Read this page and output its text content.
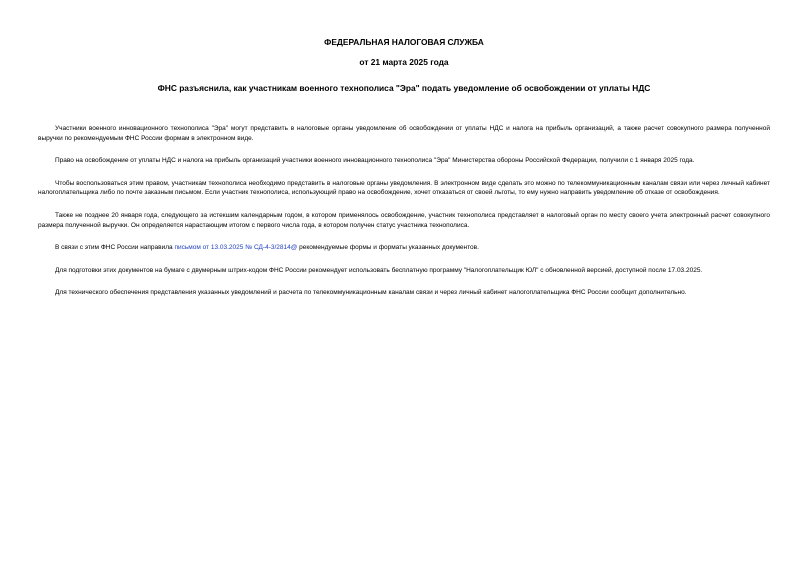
ФЕДЕРАЛЬНАЯ НАЛОГОВАЯ СЛУЖБА

от 21 марта 2025 года

ФНС разъяснила, как участникам военного технополиса "Эра" подать уведомление об освобождении от уплаты НДС

Участники военного инновационного технополиса "Эра" могут представить в налоговые органы уведомление об освобождении от уплаты НДС и налога на прибыль организаций, а также расчет совокупного размера полученной выручки по рекомендуемым ФНС России формам в электронном виде.

Право на освобождение от уплаты НДС и налога на прибыль организаций участники военного инновационного технополиса "Эра" Министерства обороны Российской Федерации, получили с 1 января 2025 года.

Чтобы воспользоваться этим правом, участникам технополиса необходимо представить в налоговые органы уведомления. В электронном виде сделать это можно по телекоммуникационным каналам связи или через личный кабинет налогоплательщика либо по почте заказным письмом. Если участник технополиса, использующий право на освобождение, хочет отказаться от своей льготы, то ему нужно направить уведомление об отказе от освобождения.

Также не позднее 20 января года, следующего за истекшим календарным годом, в котором применялось освобождение, участник технополиса представляет в налоговый орган по месту своего учета электронный расчет совокупного размера полученной выручки. Он определяется нарастающим итогом с первого числа года, в котором получен статус участника технополиса.

В связи с этим ФНС России направила письмом от 13.03.2025 № СД-4-3/2814@ рекомендуемые формы и форматы указанных документов.

Для подготовки этих документов на бумаге с двумерным штрих-кодом ФНС России рекомендует использовать бесплатную программу "Налогоплательщик ЮЛ" с обновленной версией, доступной после 17.03.2025.

Для технического обеспечения представления указанных уведомлений и расчета по телекоммуникационным каналам связи и через личный кабинет налогоплательщика ФНС России сообщит дополнительно.
